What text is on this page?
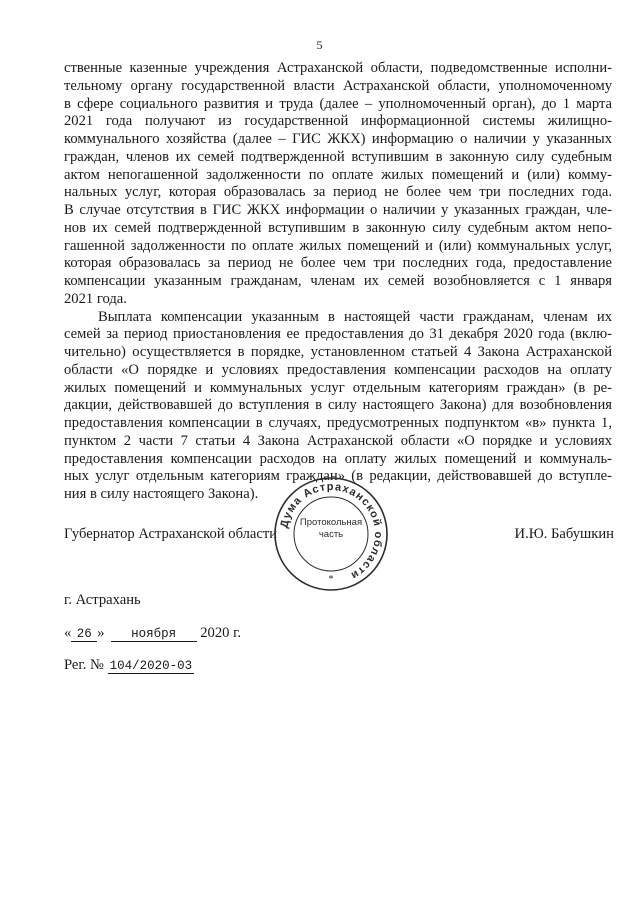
5
ственные казенные учреждения Астраханской области, подведомственные исполни-
тельному органу государственной власти Астраханской области, уполномоченному
в сфере социального развития и труда (далее – уполномоченный орган), до 1 марта
2021 года получают из государственной информационной системы жилищно-
коммунального хозяйства (далее – ГИС ЖКХ) информацию о наличии у указанных
граждан, членов их семей подтвержденной вступившим в законную силу судебным
актом непогашенной задолженности по оплате жилых помещений и (или) комму-
нальных услуг, которая образовалась за период не более чем три последних года.
В случае отсутствия в ГИС ЖКХ информации о наличии у указанных граждан, чле-
нов их семей подтвержденной вступившим в законную силу судебным актом непо-
гашенной задолженности по оплате жилых помещений и (или) коммунальных услуг,
которая образовалась за период не более чем три последних года, предоставление
компенсации указанным гражданам, членам их семей возобновляется с 1 января
2021 года.
Выплата компенсации указанным в настоящей части гражданам, членам их
семей за период приостановления ее предоставления до 31 декабря 2020 года (вклю-
чительно) осуществляется в порядке, установленном статьей 4 Закона Астраханской
области «О порядке и условиях предоставления компенсации расходов на оплату
жилых помещений и коммунальных услуг отдельным категориям граждан» (в ре-
дакции, действовавшей до вступления в силу настоящего Закона) для возобновления
предоставления компенсации в случаях, предусмотренных подпунктом «в» пункта 1,
пунктом 2 части 7 статьи 4 Закона Астраханской области «О порядке и условиях
предоставления компенсации расходов на оплату жилых помещений и коммуналь-
ных услуг отдельным категориям граждан» (в редакции, действовавшей до вступле-
ния в силу настоящего Закона).
Губернатор Астраханской области	И.Ю. Бабушкин
Дума Астраханской области
*
Протокольная
часть
г. Астрахань
« 26 » ноября 2020 г.
Рег. № 104/2020-03
